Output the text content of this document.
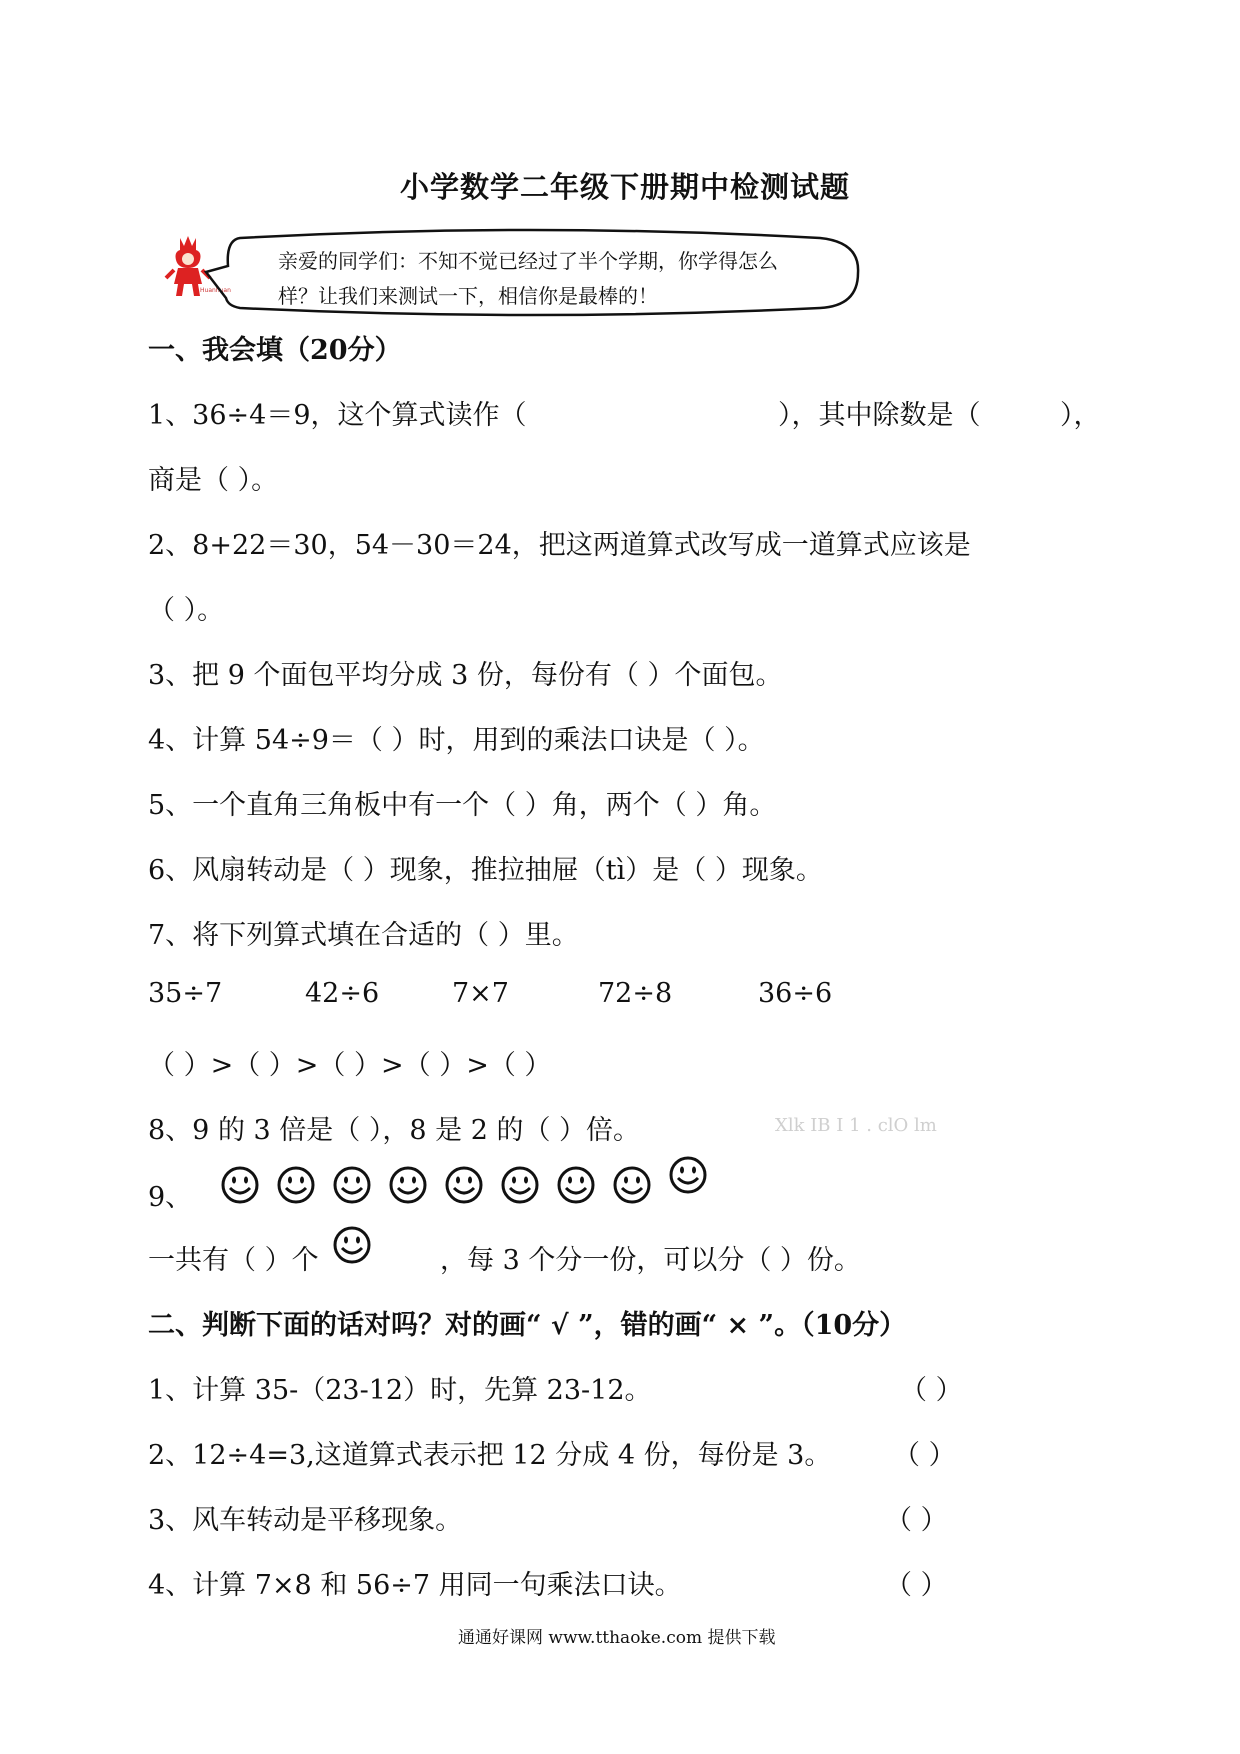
小学数学二年级下册期中检测试题
Huanhuan
亲爱的同学们：不知不觉已经过了半个学期，你学得怎么
样？让我们来测试一下，相信你是最棒的！
一、我会填（20分）
1、36÷4＝9，这个算式读作（	），其中除数是（	），
商是（ ）。
2、8+22＝30，54－30＝24，把这两道算式改写成一道算式应该是
（ ）。
3、把 9 个面包平均分成 3 份，每份有（ ）个面包。
4、计算 54÷9＝（ ）时，用到的乘法口诀是（ ）。
5、一个直角三角板中有一个（ ）角，两个（ ）角。
6、风扇转动是（ ）现象，推拉抽屉（tì）是（ ）现象。
7、将下列算式填在合适的（ ）里。
35÷7	42÷6	7×7	72÷8	36÷6
（ ）>（ ）>（ ）>（ ）>（ ）
8、9 的 3 倍是（ ），8 是 2 的（ ）倍。	Xlk IB I 1 . clO lm
9、
一共有（ ）个	，每 3 个分一份，可以分（ ）份。
二、判断下面的话对吗？对的画“ √ ”，错的画“ × ”。（10分）
1、计算 35-（23-12）时，先算 23-12。	（ ）
2、12÷4=3,这道算式表示把 12 分成 4 份，每份是 3。 （ ）
3、风车转动是平移现象。	（ ）
4、计算 7×8 和 56÷7 用同一句乘法口诀。	（ ）
通通好课网 www.tthaoke.com 提供下载
